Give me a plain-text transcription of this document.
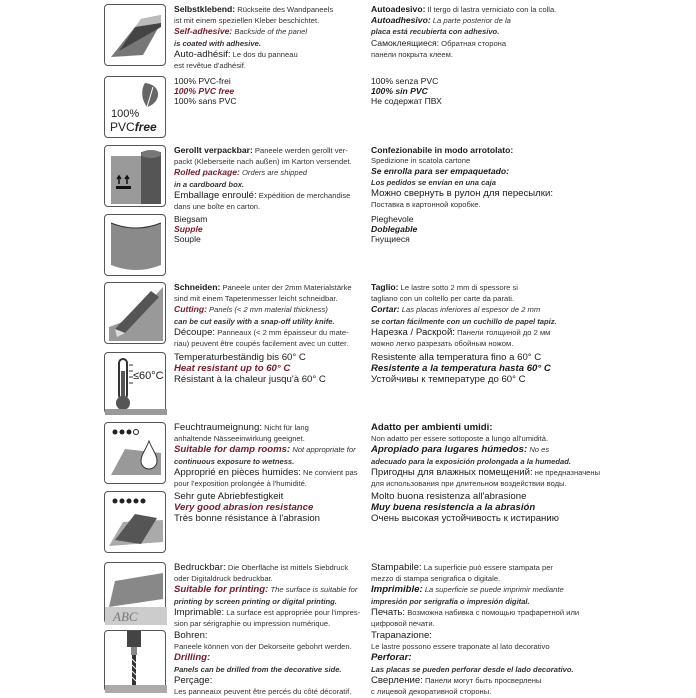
Selbstklebend: Rückseite des Wandpaneels
ist mit einem speziellen Kleber beschichtet.
Self-adhesive: Backside of the panel
is coated with adhesive.
Auto-adhésif: Le dos du panneau
est revêtue d'adhésif.
Autoadesivo: Il tergo di lastra verniciato con la colla.
Autoadhesivo: La parte posterior de la
placa está recubierta con adhesivo.
Самоклеящиеся: Обратная сторона
панели покрыта клеем.
100%
PVCfree
100% PVC-frei
100% PVC free
100% sans PVC
100% senza PVC
100% sin PVC
Не содержат ПВХ
Gerollt verpackbar: Paneele werden gerollt ver-
packt (Kleberseite nach außen) im Karton versendet.
Rolled package: Orders are shipped
in a cardboard box.
Emballage enroulé: Expédition de merchandise
dans une boîte en carton.
Confezionabile in modo arrotolato:
Spedizione in scatola cartone
Se enrolla para ser empaquetado:
Los pedidos se envían en una caja
Можно свернуть в рулон для пересылки:
Поставка в картонной коробке.
Biegsam
Supple
Souple
Pieghevole
Doblegable
Гнущиеся
Schneiden: Paneele unter der 2mm Materialstärke
sind mit einem Tapetenmesser leicht schneidbar.
Cutting: Panels (< 2 mm material thickness)
can be cut easily with a snap-off utility knife.
Découpe: Panneaux (< 2 mm épaisseur du mate-
riau) peuvent être coupés facilement avec un cutter.
Taglio: Le lastre sotto 2 mm di spessore si
tagliano con un coltello per carte da parati.
Cortar: Las placas inferiores al espesor de 2 mm
se cortan fácilmente con un cuchillo de papel tapiz.
Нарезка / Раскрой: Панели толщиной до 2 мм
можно легко разрезать обойным ножом.
≤60°C
Temperaturbeständig bis 60° C
Heat resistant up to 60° C
Résistant à la chaleur jusqu'à 60° C
Resistente alla temperatura fino a 60° C
Resistente a la temperatura hasta 60° C
Устойчивы к температуре до 60° C
Feuchtraumeignung: Nicht für lang
anhaltende Nässeeinwirkung geeignet.
Suitable for damp rooms: Not appropriate for
continuous exposure to wetness.
Approprié en pièces humides: Ne convient pas
pour l'exposition prolongée à l'humidité.
Adatto per ambienti umidi:
Non adatto per essere sottoposte a lungo all'umidità.
Apropiado para lugares húmedos: No es
adecuado para la exposición prolongada a la humedad.
Пригодны для влажных помещений: не предназначены
для использования при длительном воздействии воды.
Sehr gute Abriebfestigkeit
Very good abrasion resistance
Très bonne résistance à l'abrasion
Molto buona resistenza all'abrasione
Muy buena resistencia a la abrasión
Очень высокая устойчивость к истиранию
ABC
Bedruckbar: Die Oberfläche ist mittels Siebdruck
oder Digitaldruck bedruckbar.
Suitable for printing: The surface is suitable for
printing by screen printing or digital printing.
Imprimable: La surface est appropriée pour l'impres-
sion par sérigraphie ou impression numérique.
Stampabile: La superficie può essere stampata per
mezzo di stampa serigrafica o digitale.
Imprimible: La superficie se puede imprimir mediante
impresión por serigrafía o impresión digital.
Печать: Возможна набивка с помощью трафаретной или
цифровой печати.
Bohren:
Paneele können von der Dekorseite gebohrt werden.
Drilling:
Panels can be drilled from the decorative side.
Perçage:
Les panneaux peuvent être percés du côté décoratif.
Trapanazione:
Le lastre possono essere traponate al lato decorativo
Perforar:
Las placas se pueden perforar desde el lado decorativo.
Сверление: Панели могут быть просверлены
с лицевой декоративной стороны.
